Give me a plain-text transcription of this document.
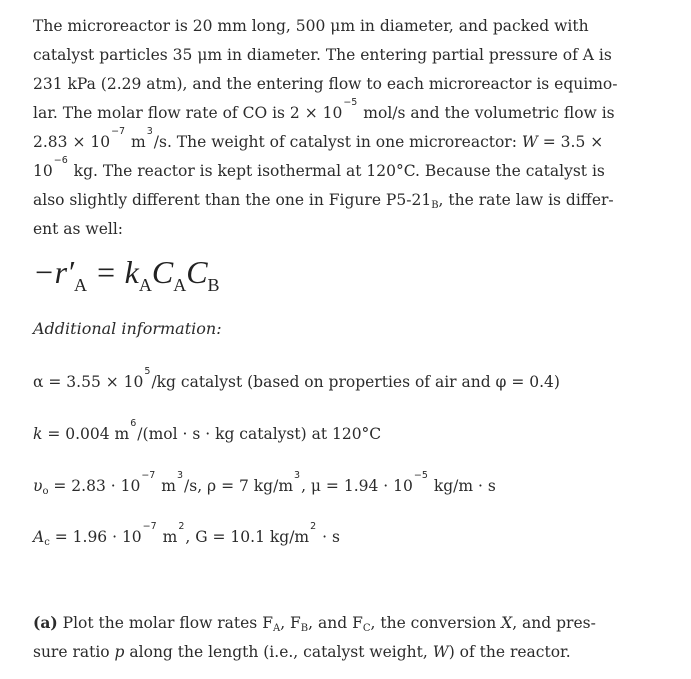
The microreactor is 20 mm long, 500 μm in diameter, and packed with
catalyst particles 35 μm in diameter. The entering partial pressure of A is
231 kPa (2.29 atm), and the entering flow to each microreactor is equimo-
lar. The molar flow rate of CO is $2 \times 10^{-5}$ mol/s and the volumetric flow is
$2.83 \times 10^{-7}$ $m^3/s$. The weight of catalyst in one microreactor: W = 3.5 ×
$10^{-6}$ kg. The reactor is kept isothermal at 120°C. Because the catalyst is
also slightly different than the one in Figure P5-21B, the rate law is differ-
ent as well:
$-r'_A = k_AC_AC_B$
Additional information:
$\alpha = 3.55 \times 10^5/kg$ catalyst (based on properties of air and φ = 0.4)
k = 0.004 $m^6/(mol \cdot s$ · kg catalyst) at 120°C
$\upsilon o = 2.83 \cdot 10^{-7}$ $m^3/s$, ρ = 7 $kg/m^3$, $\mu = 1.94 \cdot 10^{-5}$ kg/m · s
$Ac = 1.96 \cdot 10^{-7}$ $m^2$, G = 10.1 $kg/m^2 \cdot s$
(a) Plot the molar flow rates FA, FB, and FC, the conversion X, and pres-
sure ratio p along the length (i.e., catalyst weight, W) of the reactor.
